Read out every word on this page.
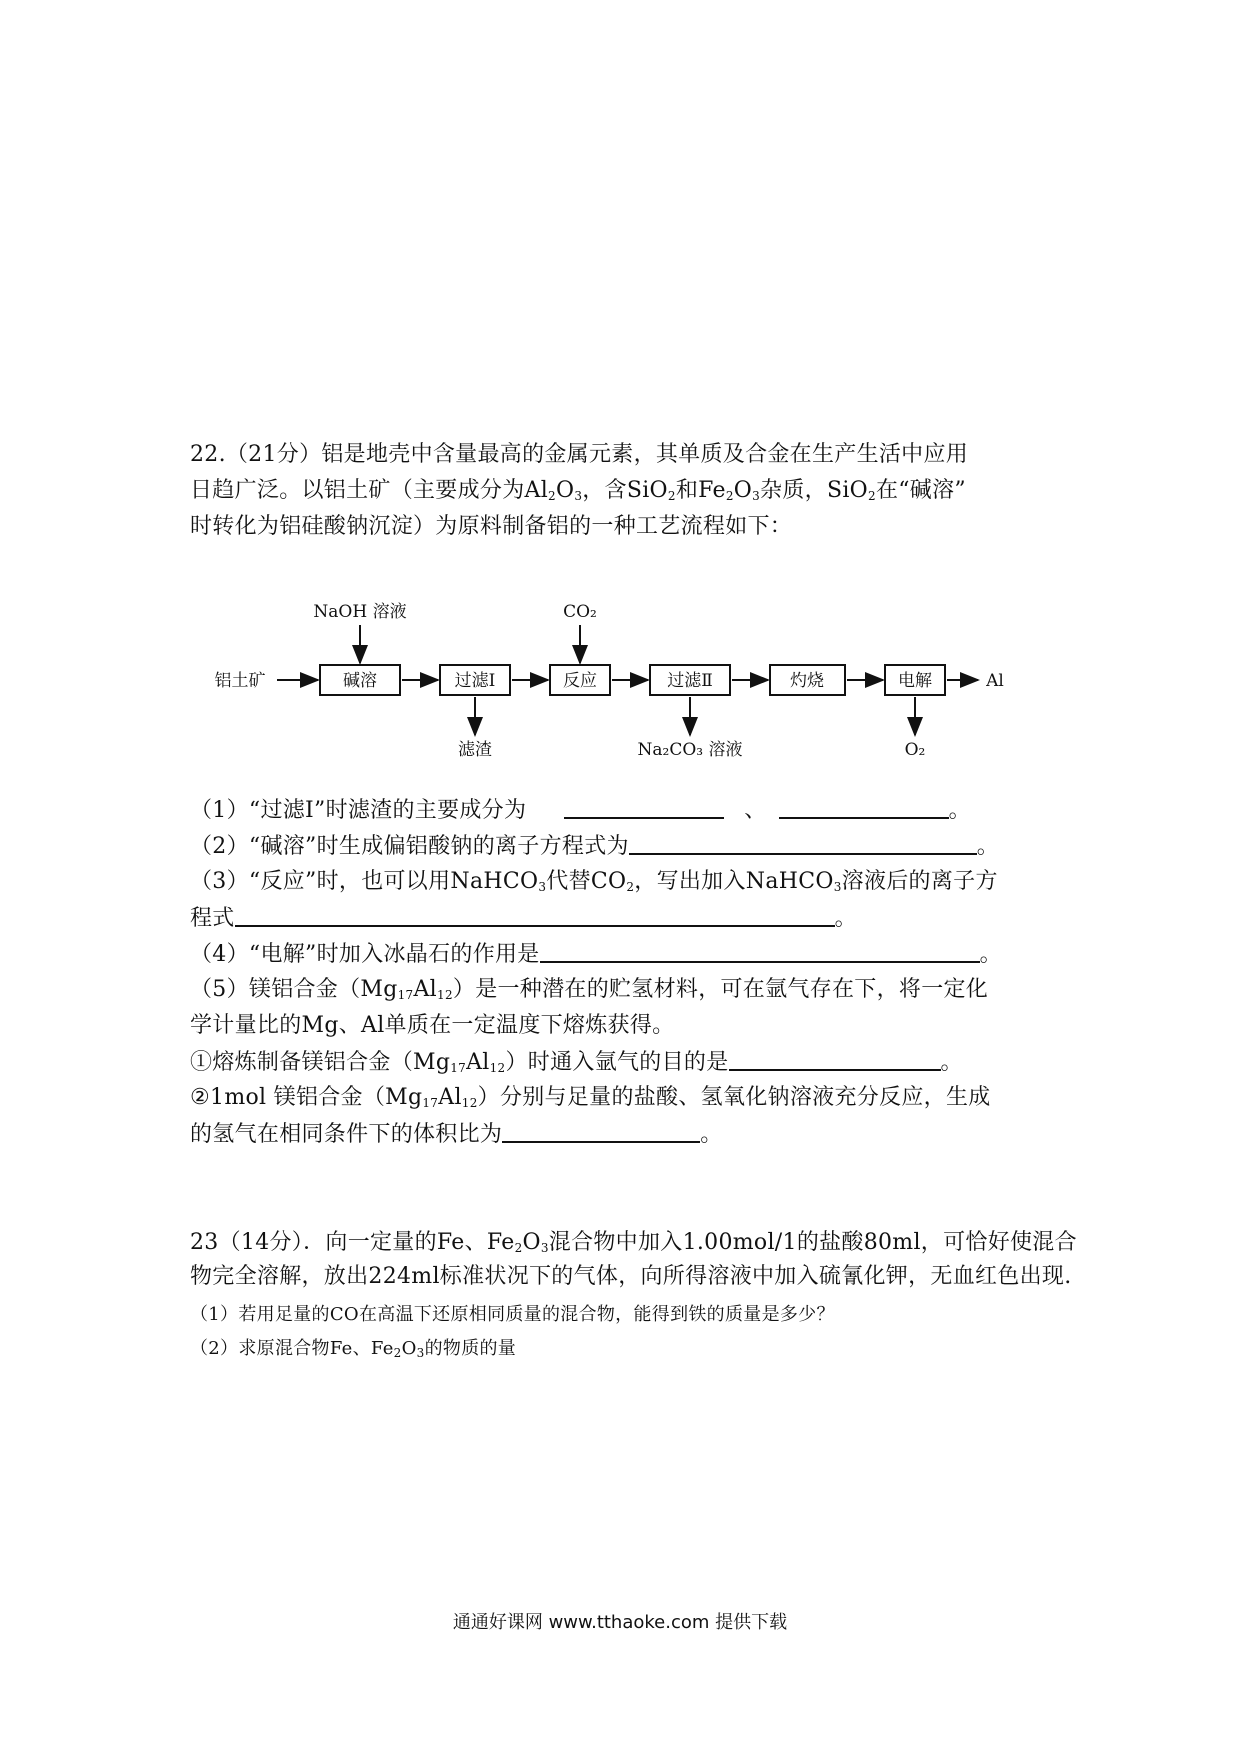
22.（21分）铝是地壳中含量最高的金属元素，其单质及合金在生产生活中应用
日趋广泛。以铝土矿（主要成分为$Al_2O_3$，含SiO$_2$和$Fe_2O_3$杂质，SiO$_2$在“碱溶”
时转化为铝硅酸钠沉淀）为原料制备铝的一种工艺流程如下：
铝土矿
NaOH 溶液	CO₂
碱溶	过滤Ⅰ	反应	过滤Ⅱ	灼烧	电解	Al
滤渣	Na₂CO₃ 溶液	O₂
（1）“过滤Ⅰ”时滤渣的主要成分为	、	。
（2）“碱溶”时生成偏铝酸钠的离子方程式为	。
（3）“反应”时，也可以用NaHCO$_3$代替$CO_2$，写出加入NaHCO$_3$溶液后的离子方
程式	。
（4）“电解”时加入冰晶石的作用是	。
（5）镁铝合金$(Mg_{17}Al_{12})$是一种潜在的贮氢材料，可在氩气存在下，将一定化
学计量比的Mg、Al单质在一定温度下熔炼获得。
①熔炼制备镁铝合金$(Mg_{17}Al_{12})$时通入氩气的目的是	。
②1mol 镁铝合金$(Mg_{17}Al_{12})$分别与足量的盐酸、氢氧化钠溶液充分反应，生成
的氢气在相同条件下的体积比为	。
23（14分）．向一定量的Fe、$Fe_2O_3$混合物中加入1.00mol/1的盐酸80ml，可恰好使混合
物完全溶解，放出224ml标准状况下的气体，向所得溶液中加入硫氰化钾，无血红色出现.
（1）若用足量的CO在高温下还原相同质量的混合物，能得到铁的质量是多少？
（2）求原混合物Fe、$Fe_2O_3$的物质的量
通通好课网 www.tthaoke.com 提供下载
